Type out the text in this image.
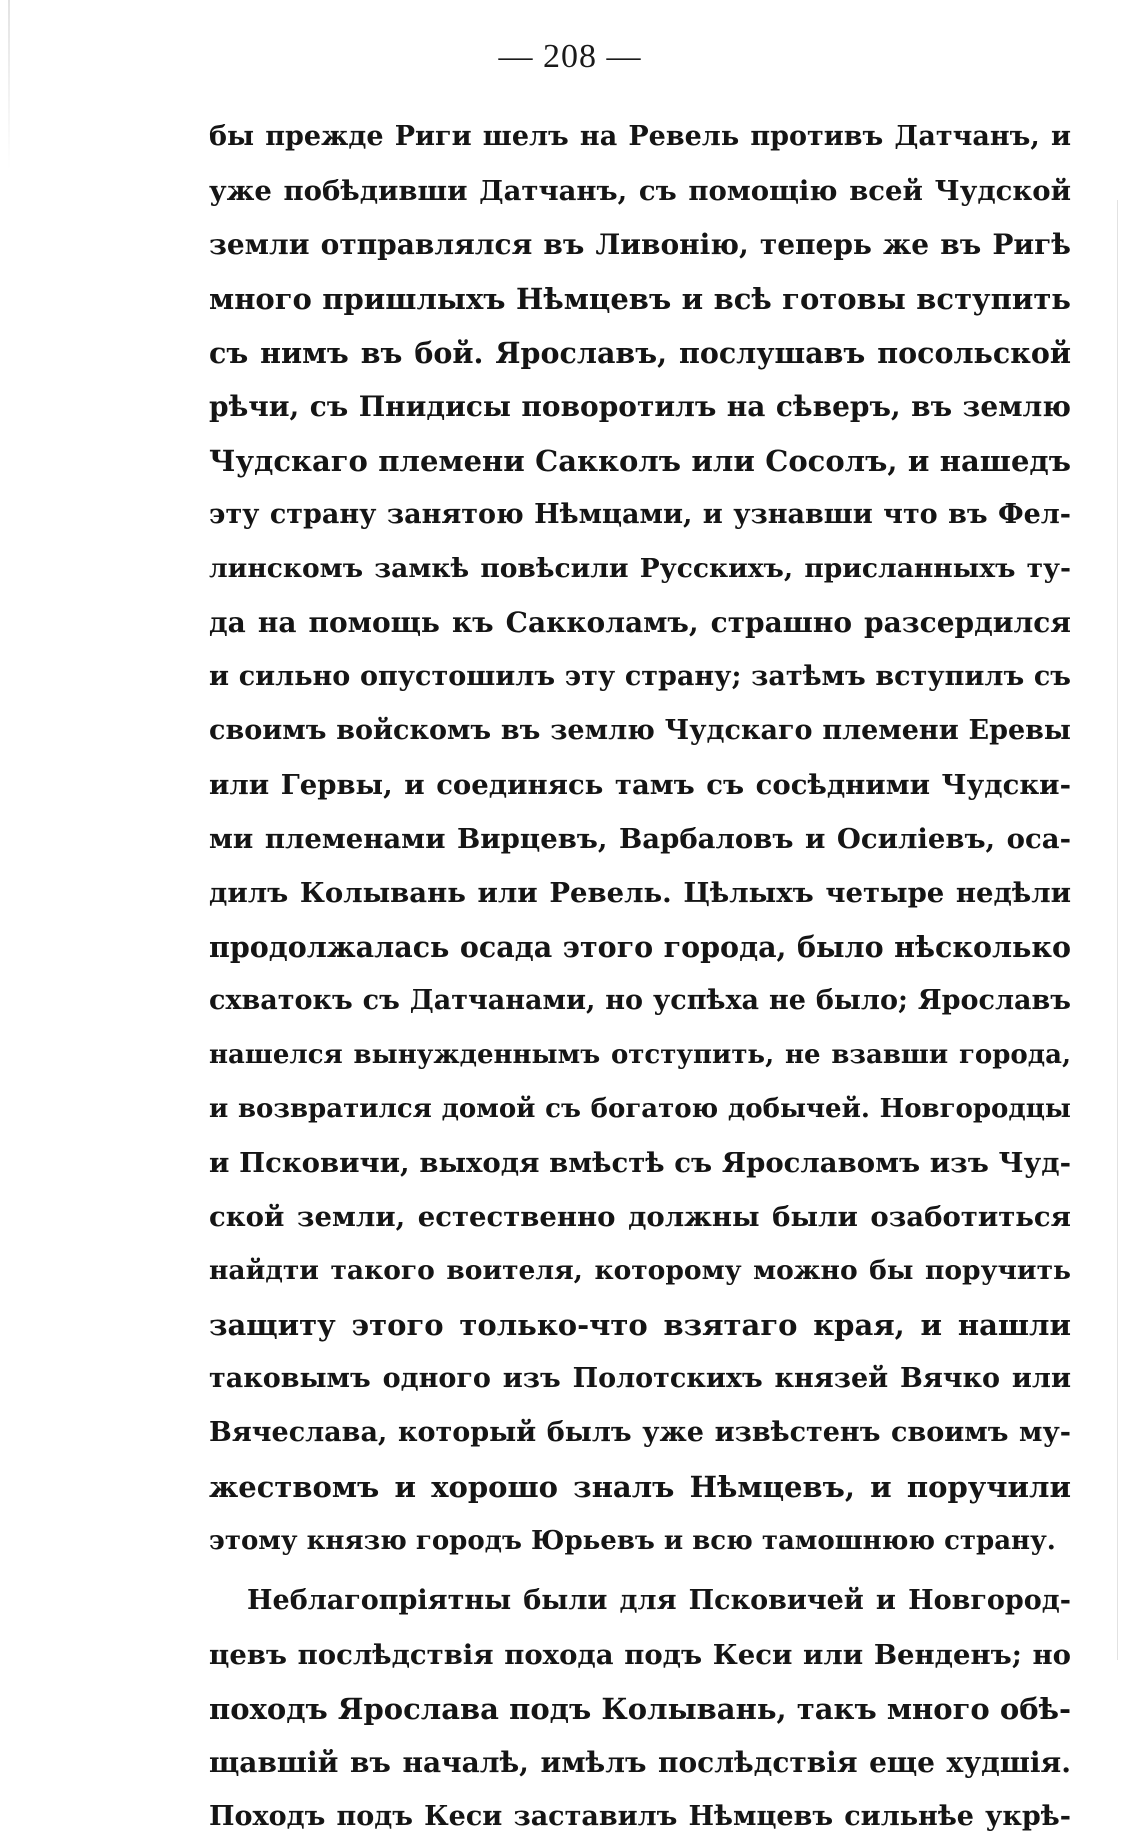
— 208 —
бы прежде Риги шелъ на Ревель противъ Датчанъ, и
уже побѣдивши Датчанъ, съ помощію всей Чудской
земли отправлялся въ Ливонію, теперь же въ Ригѣ
много пришлыхъ Нѣмцевъ и всѣ готовы вступить
съ нимъ въ бой. Ярославъ, послушавъ посольской
рѣчи, съ Пнидисы поворотилъ на сѣверъ, въ землю
Чудскаго племени Сакколъ или Сосолъ, и нашедъ
эту страну занятою Нѣмцами, и узнавши что въ Фел-
линскомъ замкѣ повѣсили Русскихъ, присланныхъ ту-
да на помощь къ Сакколамъ, страшно разсердился
и сильно опустошилъ эту страну; затѣмъ вступилъ съ
своимъ войскомъ въ землю Чудскаго племени Еревы
или Гервы, и соединясь тамъ съ сосѣдними Чудски-
ми племенами Вирцевъ, Варбаловъ и Осиліевъ, оса-
дилъ Колывань или Ревель. Цѣлыхъ четыре недѣли
продолжалась осада этого города, было нѣсколько
схватокъ съ Датчанами, но успѣха не было; Ярославъ
нашелся вынужденнымъ отступить, не взавши города,
и возвратился домой съ богатою добычей. Новгородцы
и Псковичи, выходя вмѣстѣ съ Ярославомъ изъ Чуд-
ской земли, естественно должны были озаботиться
найдти такого воителя, которому можно бы поручить
защиту этого только-что взятаго края, и нашли
таковымъ одного изъ Полотскихъ князей Вячко или
Вячеслава, который былъ уже извѣстенъ своимъ му-
жествомъ и хорошо зналъ Нѣмцевъ, и поручили
этому князю городъ Юрьевъ и всю тамошнюю страну.
Неблагопріятны были для Псковичей и Новгород-
цевъ послѣдствія похода подъ Кеси или Венденъ; но
походъ Ярослава подъ Колывань, такъ много обѣ-
щавшій въ началѣ, имѣлъ послѣдствія еще худшія.
Походъ подъ Кеси заставилъ Нѣмцевъ сильнѣе укрѣ-
